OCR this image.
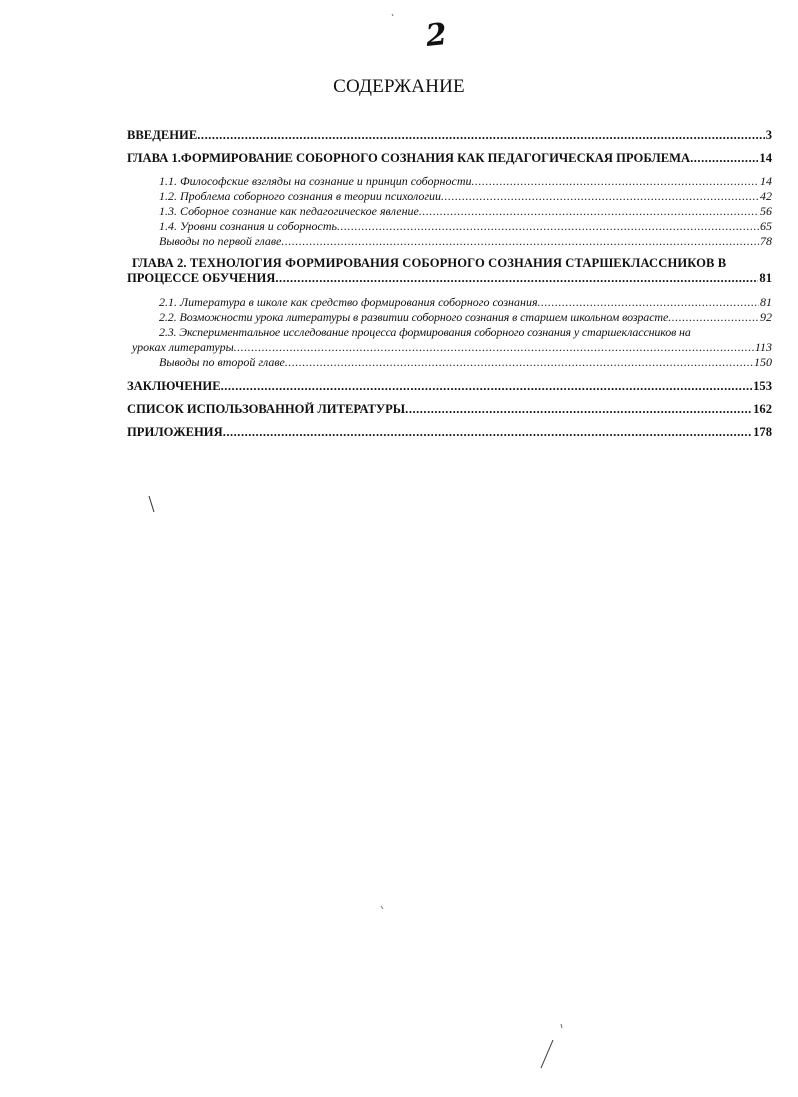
2
СОДЕРЖАНИЕ
ВВЕДЕНИЕ .....	3
ГЛАВА 1.ФОРМИРОВАНИЕ СОБОРНОГО СОЗНАНИЯ КАК ПЕДАГОГИЧЕСКАЯ ПРОБЛЕМА .....	14
1.1. Философские взгляды на сознание и принцип соборности .....	14
1.2. Проблема соборного сознания в теории психологии .....	42
1.3. Соборное сознание как педагогическое явление .....	56
1.4. Уровни сознания и соборность .....	65
Выводы по первой главе .....	78
ГЛАВА 2. ТЕХНОЛОГИЯ ФОРМИРОВАНИЯ СОБОРНОГО СОЗНАНИЯ СТАРШЕКЛАССНИКОВ В
ПРОЦЕССЕ ОБУЧЕНИЯ .....	81
2.1. Литература в школе как средство формирования соборного сознания .....	81
2.2. Возможности урока литературы в развитии соборного сознания в старшем школьном возрасте .....	92
2.3. Экспериментальное исследование процесса формирования соборного сознания у старшеклассников на
уроках литературы .....	113
Выводы по второй главе .....	150
ЗАКЛЮЧЕНИЕ .....	153
СПИСОК ИСПОЛЬЗОВАННОЙ ЛИТЕРАТУРЫ .....	162
ПРИЛОЖЕНИЯ .....	178
